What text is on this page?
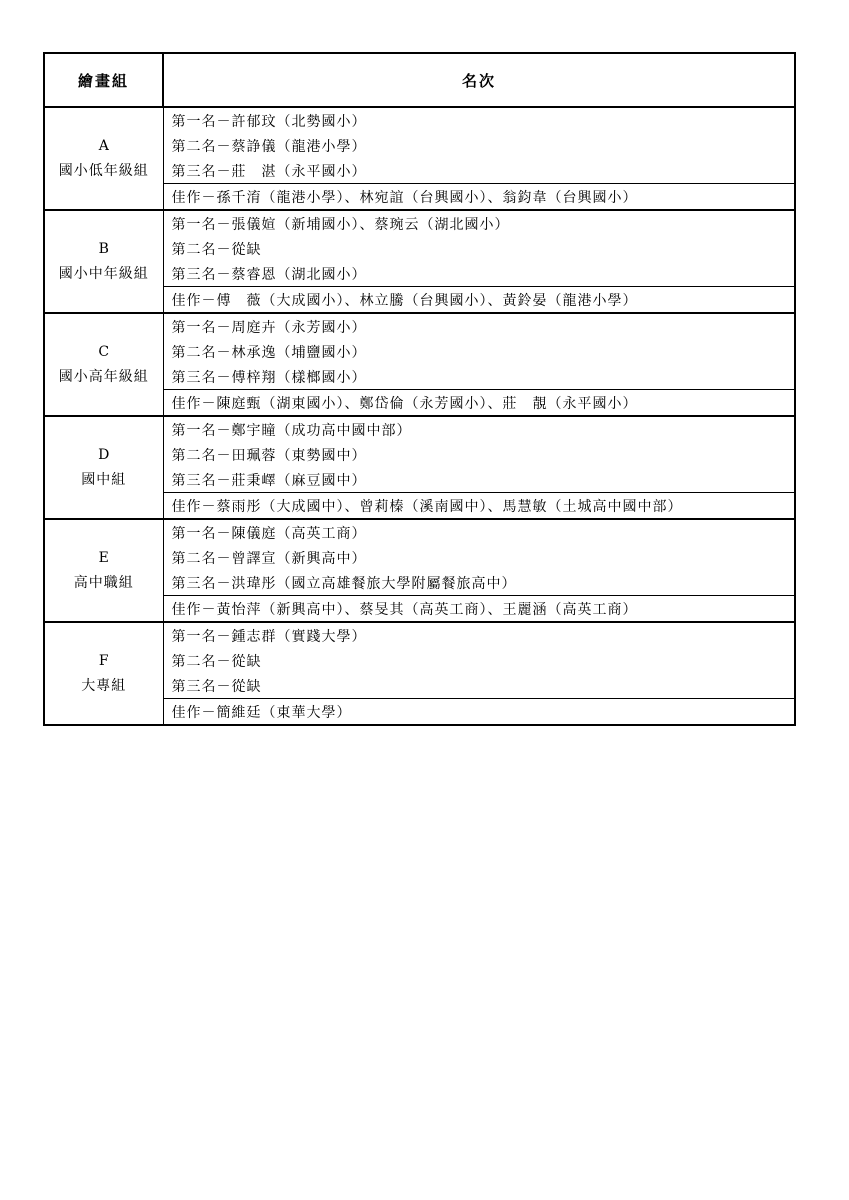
繪畫組	名次

A
國小低年級組	第一名－許郁玟（北勢國小）
	第二名－蔡諍儀（龍港小學）
	第三名－莊　湛（永平國小）
	佳作－孫千淯（龍港小學）、林宛誼（台興國小）、翁鈞韋（台興國小）

B
國小中年級組	第一名－張儀媗（新埔國小）、蔡琬云（湖北國小）
	第二名－從缺
	第三名－蔡睿恩（湖北國小）
	佳作－傅　薇（大成國小）、林立騰（台興國小）、黃鈴晏（龍港小學）

C
國小高年級組	第一名－周庭卉（永芳國小）
	第二名－林承逸（埔鹽國小）
	第三名－傅梓翔（樣榔國小）
	佳作－陳庭甄（湖東國小）、鄭岱倫（永芳國小）、莊　靚（永平國小）

D
國中組	第一名－鄭宇瞳（成功高中國中部）
	第二名－田珮蓉（東勢國中）
	第三名－莊秉嶧（麻豆國中）
	佳作－蔡雨彤（大成國中）、曾莉榛（溪南國中）、馬慧敏（土城高中國中部）

E
高中職組	第一名－陳儀庭（高英工商）
	第二名－曾譯宣（新興高中）
	第三名－洪瑋彤（國立高雄餐旅大學附屬餐旅高中）
	佳作－黃怡萍（新興高中）、蔡旻其（高英工商）、王麗涵（高英工商）

F
大專組	第一名－鍾志群（實踐大學）
	第二名－從缺
	第三名－從缺
	佳作－簡維廷（東華大學）
